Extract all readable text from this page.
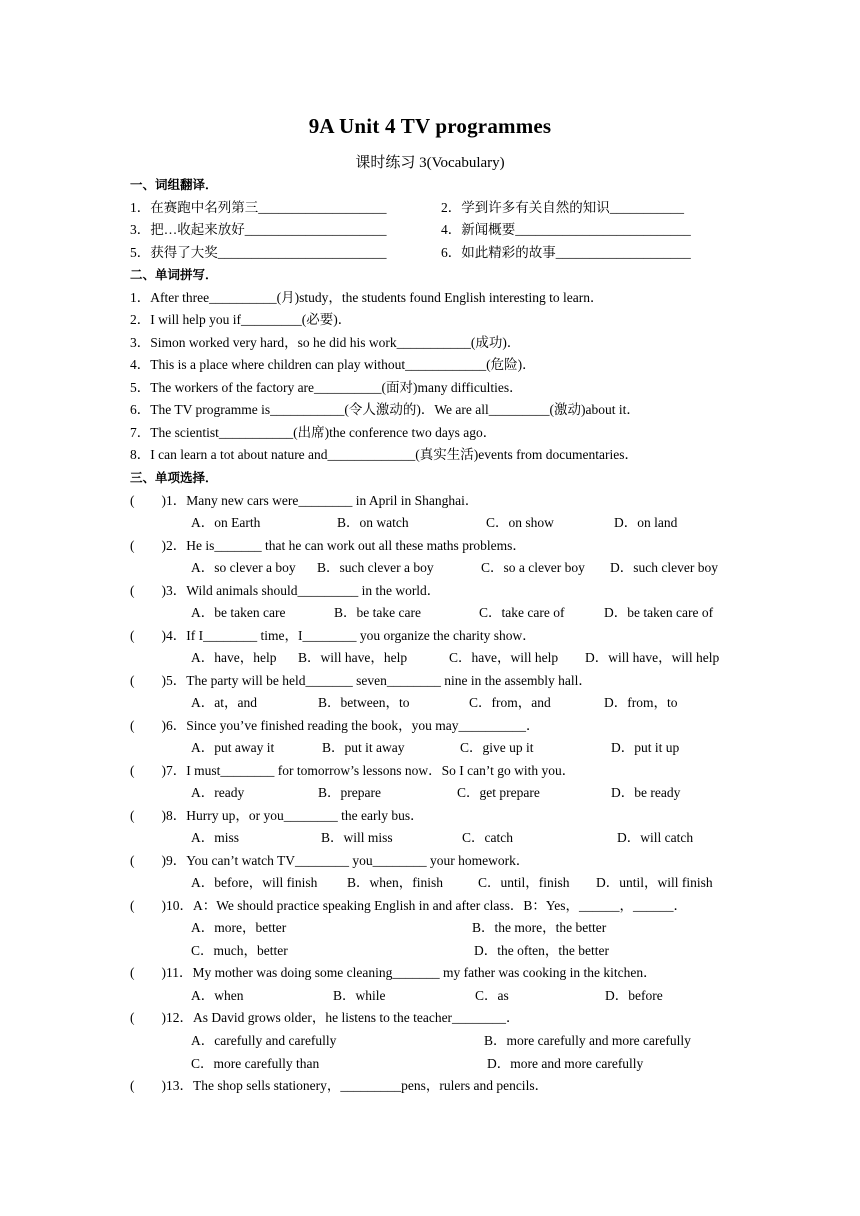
9A Unit 4 TV programmes
课时练习 3(Vocabulary)
一、词组翻译．
1．在赛跑中名列第三___________________	2．学到许多有关自然的知识___________
3．把…收起来放好_____________________	4．新闻概要__________________________
5．获得了大奖_________________________	6．如此精彩的故事____________________
二、单词拼写．
1．After three__________(月)study，the students found English interesting to learn．
2．I will help you if_________(必要)．
3．Simon worked very hard，so he did his work___________(成功)．
4．This is a place where children can play without____________(危险)．
5．The workers of the factory are__________(面对)many difficulties．
6．The TV programme is___________(令人激动的)．We are all_________(激动)about it．
7．The scientist___________(出席)the conference two days ago．
8．I can learn a tot about nature and_____________(真实生活)events from documentaries．
三、单项选择．
(        ) 1．Many new cars were________ in April in Shanghai．
A．on Earth	B．on watch	C．on show	D．on land
(        ) 2．He is_______ that he can work out all these maths problems．
A．so clever a boy B．such clever a boy	C．so a clever boy D．such clever boy
(        ) 3．Wild animals should_________ in the world．
A．be taken care	B．be take care	C．take care of	D．be taken care of
(        ) 4．If I________ time，I________ you organize the charity show．
A．have，help B．will have，help	C．have，will help D．will have，will help
(        ) 5．The party will be held_______ seven________ nine in the assembly hall．
A．at，and	B．between，to	C．from，and	D．from，to
(        ) 6．Since you’ve finished reading the book，you may__________．
A．put away it	B．put it away	C．give up it	D．put it up
(        ) 7．I must________ for tomorrow’s lessons now．So I can’t go with you．
A．ready	B．prepare	C．get prepare	D．be ready
(        ) 8．Hurry up，or you________ the early bus．
A．miss	B．will miss	C．catch	D．will catch
(        ) 9．You can’t watch TV________ you________ your homework．
A．before，will finish B．when，finish	C．until，finish D．until，will finish
(        ) 10．A：We should practice speaking English in and after class．B：Yes，______，______．
A．more，better	B．the more，the better
C．much，better	D．the often，the better
(        ) 11．My mother was doing some cleaning_______ my father was cooking in the kitchen．
A．when	B．while	C．as	D．before
(        ) 12．As David grows older，he listens to the teacher________．
A．carefully and carefully	B．more carefully and more carefully
C．more carefully than	D．more and more carefully
(        ) 13．The shop sells stationery，_________pens，rulers and pencils．
